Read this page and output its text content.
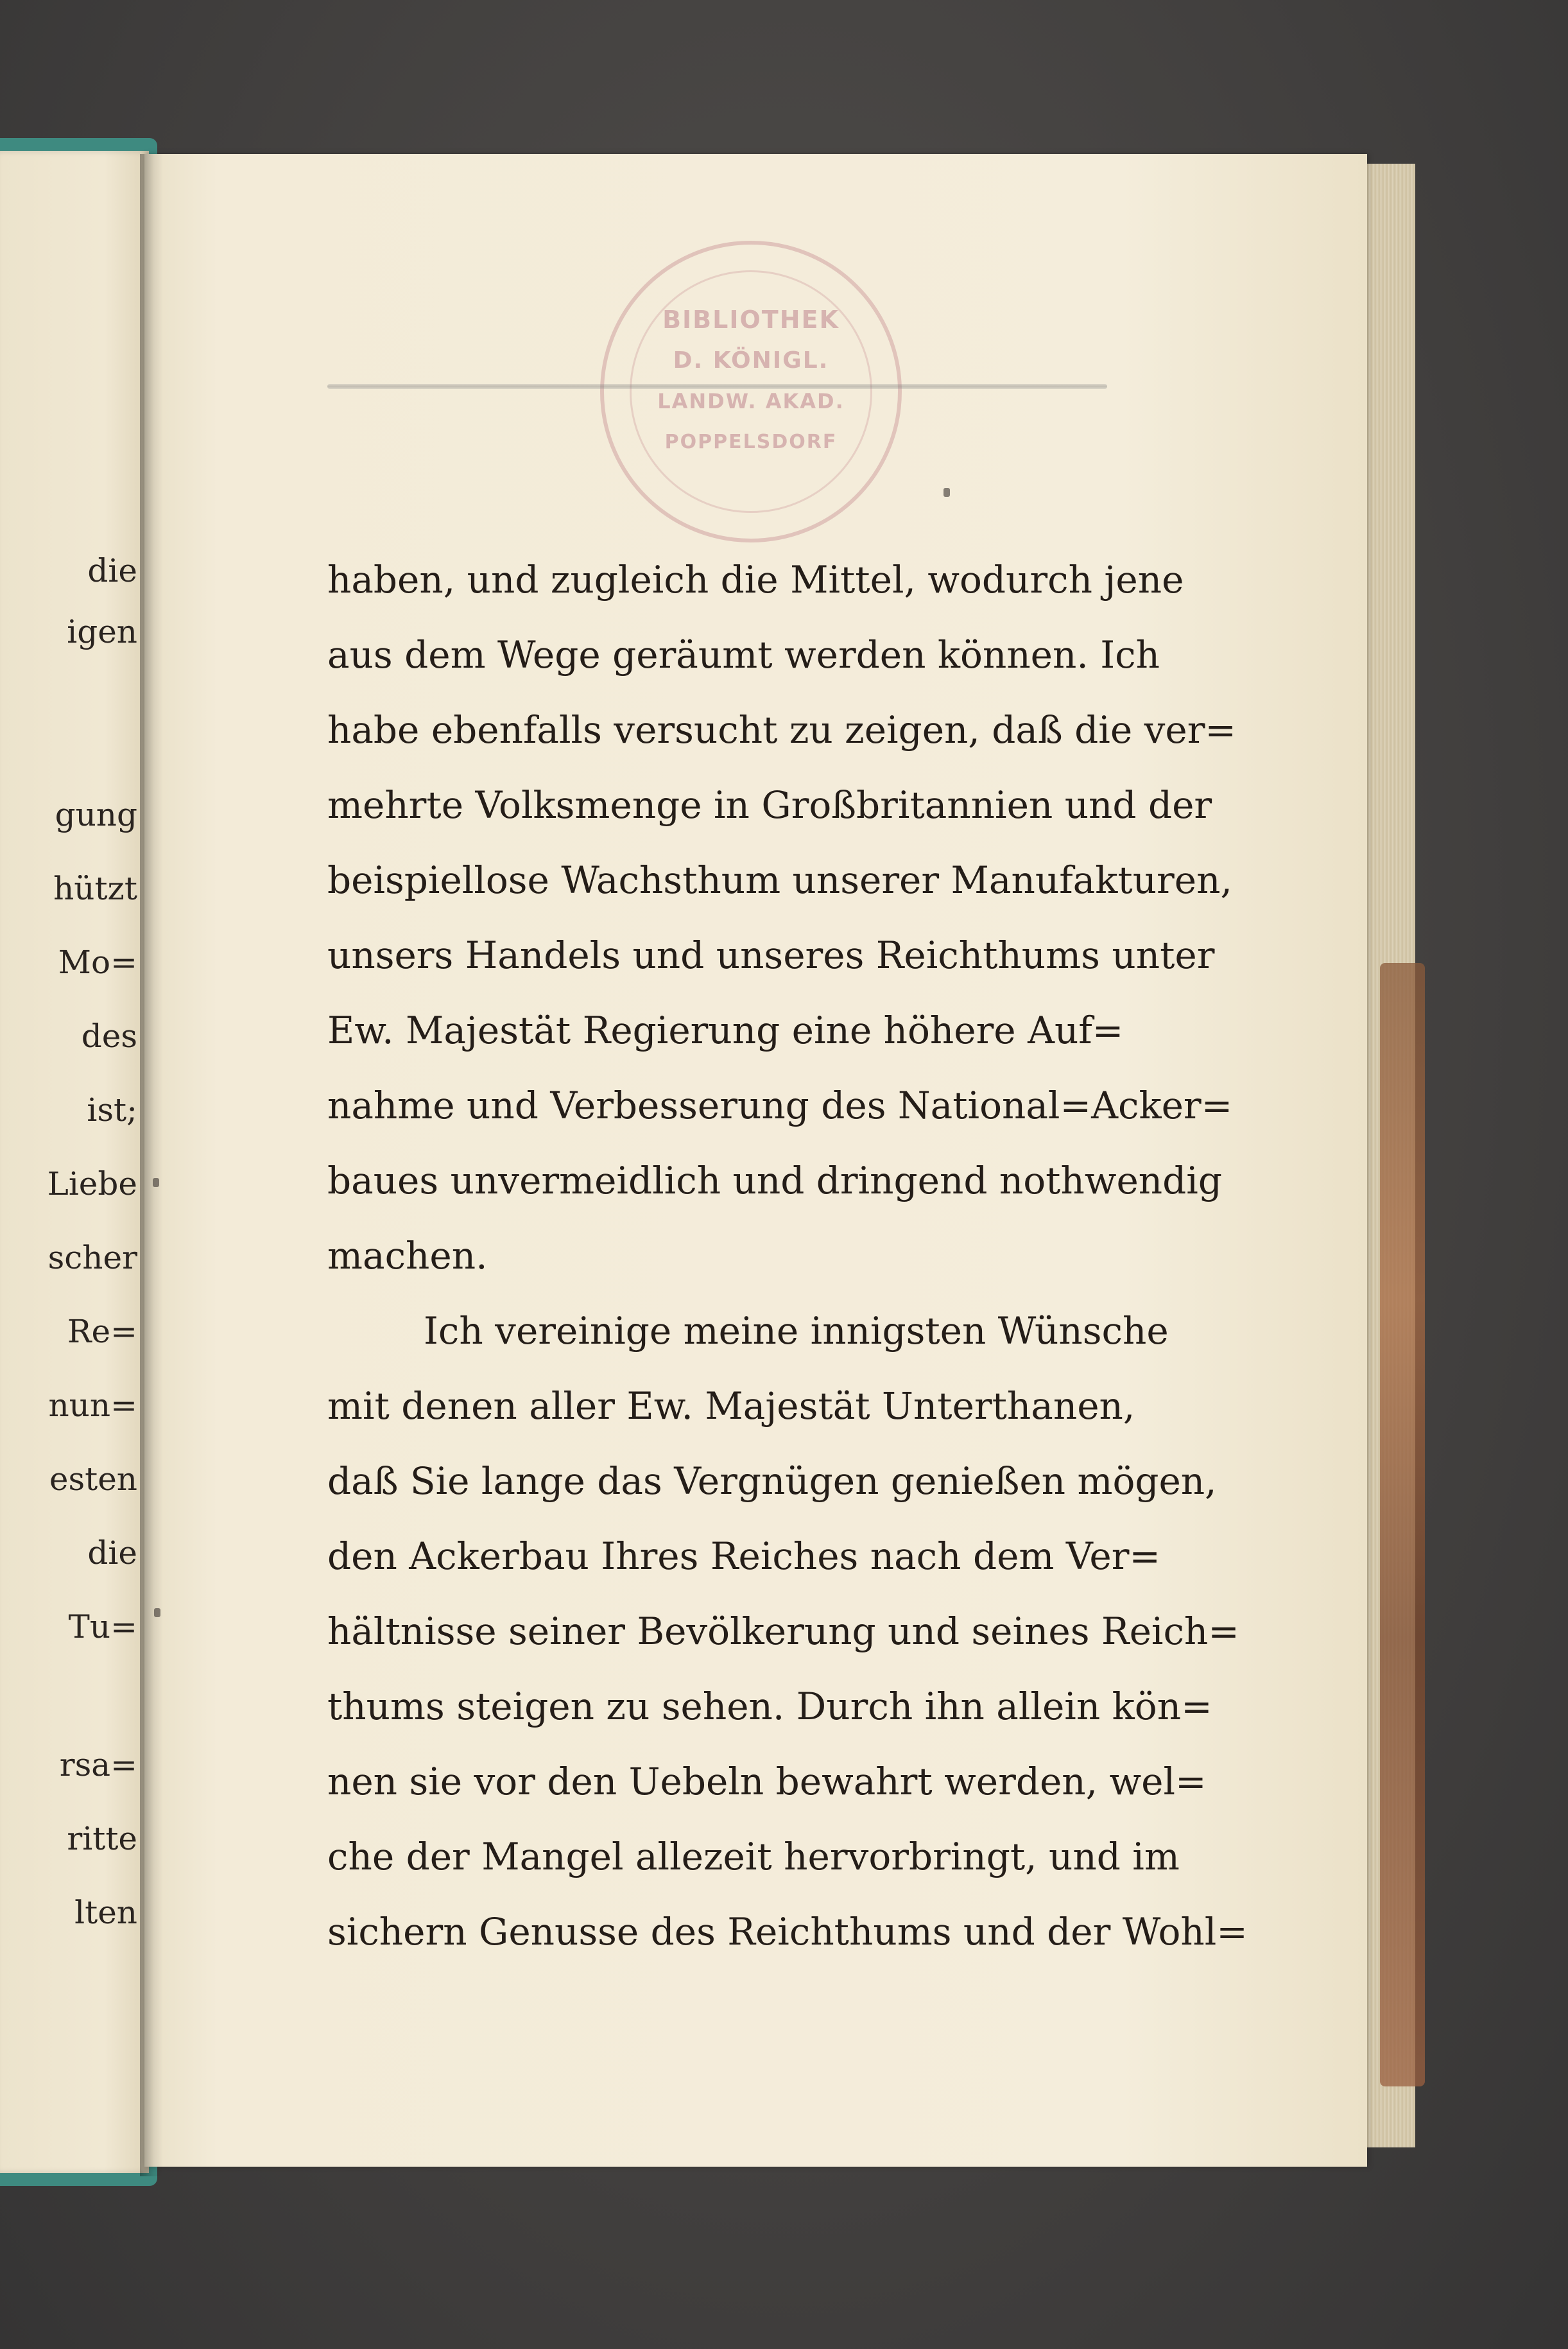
die
igen
gung
hützt
Mo=
des
ist;
Liebe
scher
Re=
nun=
esten
die
Tu=
rsa=
ritte
lten
BIBLIOTHEK
D. KÖNIGL.
LANDW. AKAD.
POPPELSDORF
haben, und zugleich die Mittel, wodurch jene
aus dem Wege geräumt werden können. Ich
habe ebenfalls versucht zu zeigen, daß die ver=
mehrte Volksmenge in Großbritannien und der
beispiellose Wachsthum unserer Manufakturen,
unsers Handels und unseres Reichthums unter
Ew. Majestät Regierung eine höhere Auf=
nahme und Verbesserung des National=Acker=
baues unvermeidlich und dringend nothwendig
machen.
Ich vereinige meine innigsten Wünsche
mit denen aller Ew. Majestät Unterthanen,
daß Sie lange das Vergnügen genießen mögen,
den Ackerbau Ihres Reiches nach dem Ver=
hältnisse seiner Bevölkerung und seines Reich=
thums steigen zu sehen. Durch ihn allein kön=
nen sie vor den Uebeln bewahrt werden, wel=
che der Mangel allezeit hervorbringt, und im
sichern Genusse des Reichthums und der Wohl=
